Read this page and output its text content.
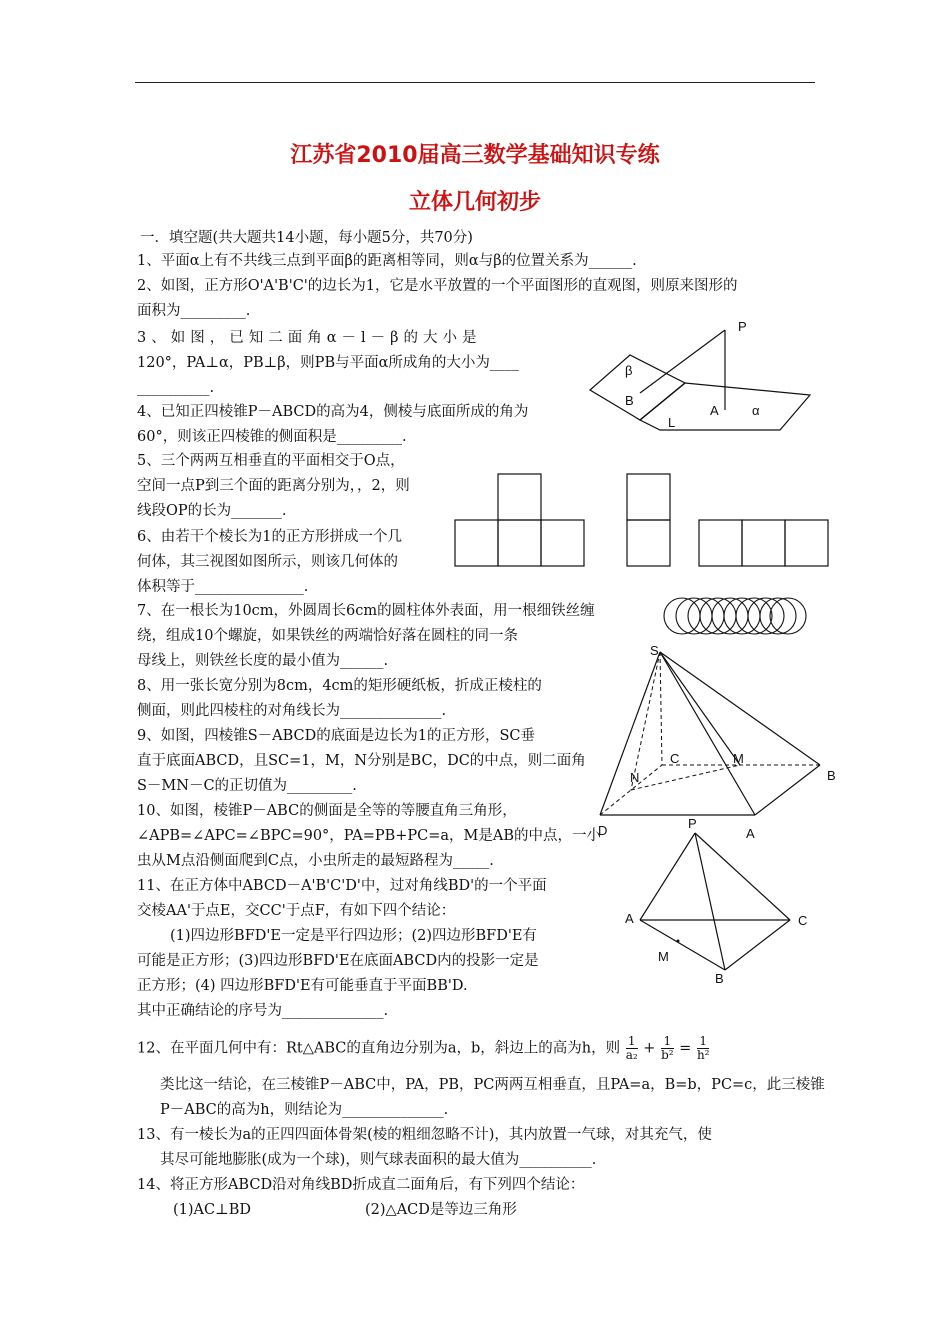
江苏省2010届高三数学基础知识专练
立体几何初步
一．填空题(共大题共14小题，每小题5分，共70分)
1、平面α上有不共线三点到平面β的距离相等同，则α与β的位置关系为______.
2、如图，正方形O'A'B'C'的边长为1，它是水平放置的一个平面图形的直观图，则原来图形的
面积为_________.
3、如图，已知二面角α－l－β的大小是
120°，PA⊥α，PB⊥β，则PB与平面α所成角的大小为____
__________.
4、已知正四棱锥P－ABCD的高为4，侧棱与底面所成的角为
60°，则该正四棱锥的侧面积是_________.
5、三个两两互相垂直的平面相交于O点，
空间一点P到三个面的距离分别为，，2，则
线段OP的长为_______.
6、由若干个棱长为1的正方形拼成一个几
何体，其三视图如图所示，则该几何体的
体积等于_______________.
7、在一根长为10cm，外圆周长6cm的圆柱体外表面，用一根细铁丝缠
绕，组成10个螺旋，如果铁丝的两端恰好落在圆柱的同一条
母线上，则铁丝长度的最小值为______.
8、用一张长宽分别为8cm，4cm的矩形硬纸板，折成正棱柱的
侧面，则此四棱柱的对角线长为______________.
9、如图，四棱锥S－ABCD的底面是边长为1的正方形，SC垂
直于底面ABCD，且SC=1，M，N分别是BC，DC的中点，则二面角
S－MN－C的正切值为_________.
10、如图，棱锥P－ABC的侧面是全等的等腰直角三角形，
∠APB=∠APC=∠BPC=90°，PA=PB+PC=a，M是AB的中点，一小
虫从M点沿侧面爬到C点，小虫所走的最短路程为_____.
11、在正方体中ABCD－A'B'C'D'中，过对角线BD'的一个平面
交棱AA'于点E，交CC'于点F，有如下四个结论：
(1)四边形BFD'E一定是平行四边形；(2)四边形BFD'E有
可能是正方形；(3)四边形BFD'E在底面ABCD内的投影一定是
正方形；(4) 四边形BFD'E有可能垂直于平面BB'D.
其中正确结论的序号为______________.
12、在平面几何中有：Rt△ABC的直角边分别为a，b，斜边上的高为h，则 $\frac{1}{\text{a₂}} + \frac{1}{\text{b²}} = \frac{1}{\text{h²}}$
类比这一结论，在三棱锥P－ABC中，PA，PB，PC两两互相垂直，且PA=a，B=b，PC=c，此三棱锥
P－ABC的高为h，则结论为______________.
13、有一棱长为a的正四四面体骨架(棱的粗细忽略不计)，其内放置一气球，对其充气，使
其尽可能地膨胀(成为一个球)，则气球表面积的最大值为__________.
14、将正方形ABCD沿对角线BD折成直二面角后，有下列四个结论：
(1)AC⊥BD	(2)△ACD是等边三角形
P
β
B
L
A	α
S
C	M
N	B
D	A
P
A	C
M
B
